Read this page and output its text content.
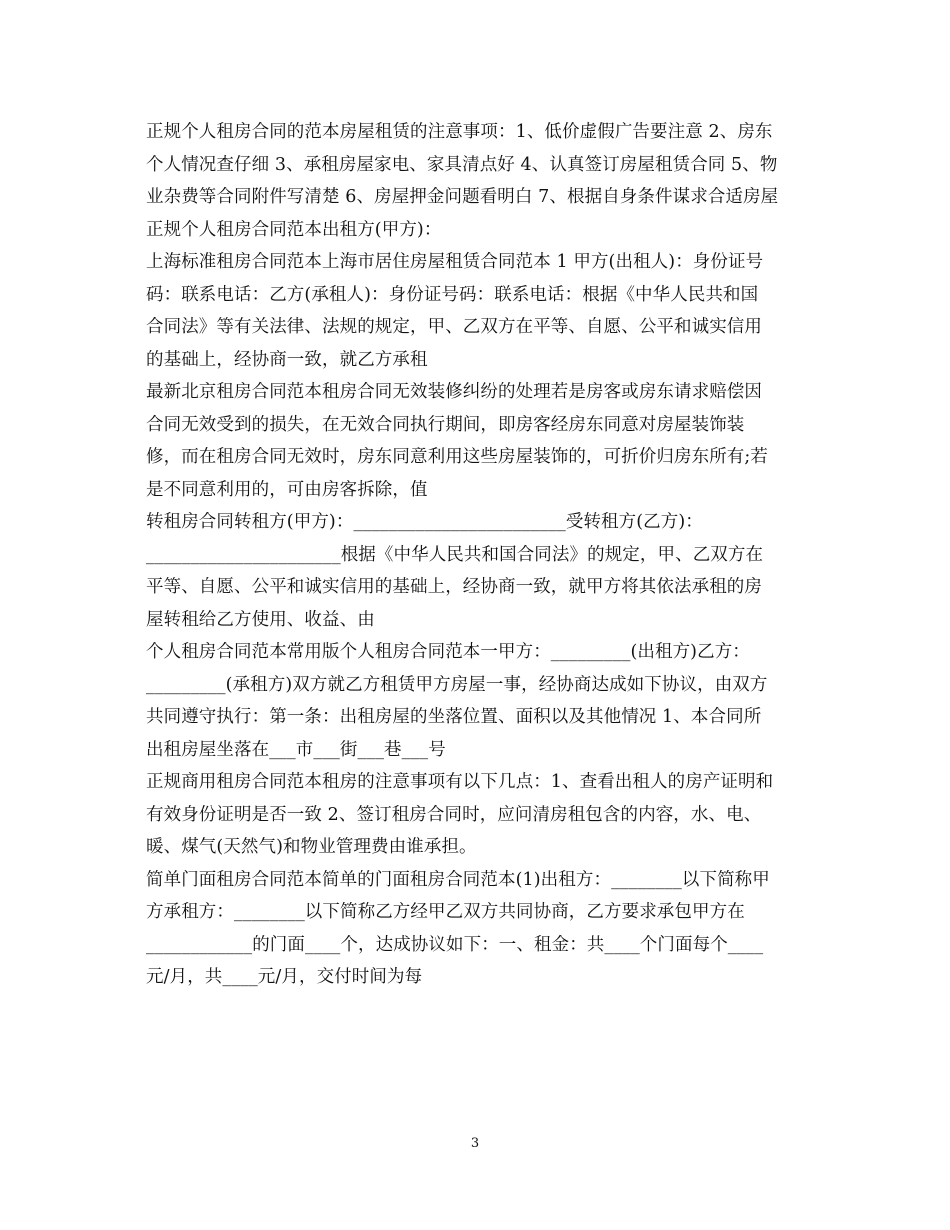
正规个人租房合同的范本房屋租赁的注意事项：1、低价虚假广告要注意 2、房东
个人情况查仔细 3、承租房屋家电、家具清点好 4、认真签订房屋租赁合同 5、物
业杂费等合同附件写清楚 6、房屋押金问题看明白 7、根据自身条件谋求合适房屋
正规个人租房合同范本出租方(甲方)：
上海标准租房合同范本上海市居住房屋租赁合同范本 1 甲方(出租人)：身份证号
码：联系电话：乙方(承租人)：身份证号码：联系电话：根据《中华人民共和国
合同法》等有关法律、法规的规定，甲、乙双方在平等、自愿、公平和诚实信用
的基础上，经协商一致，就乙方承租
最新北京租房合同范本租房合同无效装修纠纷的处理若是房客或房东请求赔偿因
合同无效受到的损失，在无效合同执行期间，即房客经房东同意对房屋装饰装
修，而在租房合同无效时，房东同意利用这些房屋装饰的，可折价归房东所有;若
是不同意利用的，可由房客拆除，值
转租房合同转租方(甲方)：________________________受转租方(乙方)：
______________________根据《中华人民共和国合同法》的规定，甲、乙双方在
平等、自愿、公平和诚实信用的基础上，经协商一致，就甲方将其依法承租的房
屋转租给乙方使用、收益、由
个人租房合同范本常用版个人租房合同范本一甲方：_________(出租方)乙方：
_________(承租方)双方就乙方租赁甲方房屋一事，经协商达成如下协议，由双方
共同遵守执行：第一条：出租房屋的坐落位置、面积以及其他情况 1、本合同所
出租房屋坐落在___市___街___巷___号
正规商用租房合同范本租房的注意事项有以下几点：1、查看出租人的房产证明和
有效身份证明是否一致 2、签订租房合同时，应问清房租包含的内容，水、电、
暖、煤气(天然气)和物业管理费由谁承担。
简单门面租房合同范本简单的门面租房合同范本(1)出租方：________以下简称甲
方承租方：________以下简称乙方经甲乙双方共同协商，乙方要求承包甲方在
____________的门面____个，达成协议如下：一、租金：共____个门面每个____
元/月，共____元/月，交付时间为每
3
